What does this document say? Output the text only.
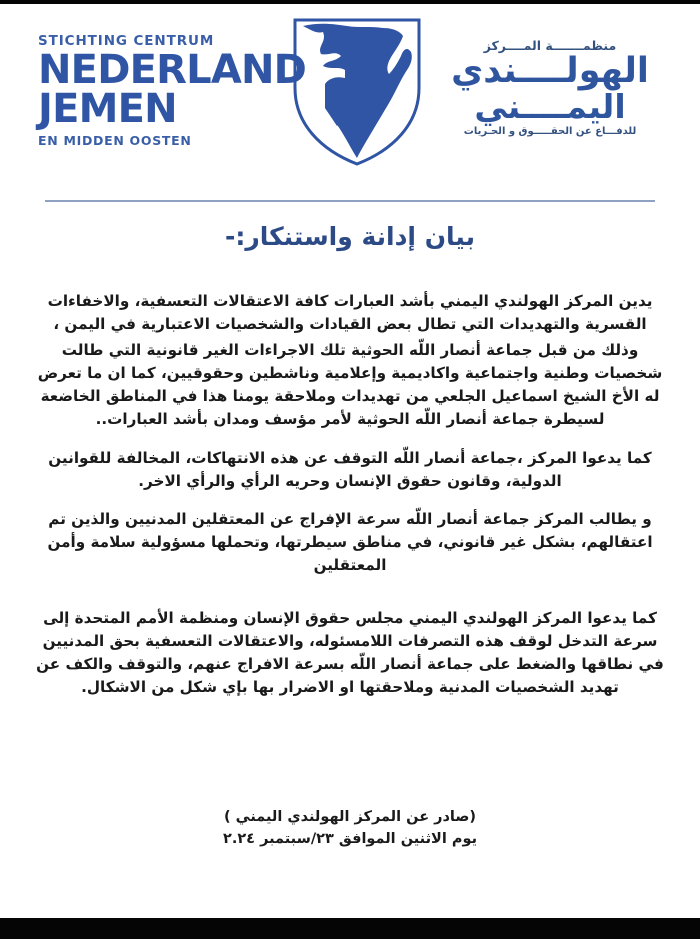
منظمـــــــة المــــركز
الهولــــندي
اليمــــني
للدفـــاع عن الحقـــــوق و الحـريات
STICHTING CENTRUM
NEDERLAND
JEMEN
EN MIDDEN OOSTEN
بيان إدانة واستنكار:-

يدين المركز الهولندي اليمني بأشد العبارات كافة الاعتقالات التعسفية، والاخفاءات القسرية والتهديدات التي تطال بعض القيادات والشخصيات الاعتبارية في اليمن ،

وذلك من قبل جماعة أنصار اللّه الحوثية تلك الاجراءات الغير قانونية التي طالت شخصيات وطنية واجتماعية واكاديمية وإعلامية وناشطين وحقوقيين، كما ان ما تعرض له الأخ الشيخ اسماعيل الجلعي من تهديدات وملاحقة يومنا هذا في المناطق الخاضعة لسيطرة جماعة أنصار اللّه الحوثية لأمر مؤسف ومدان بأشد العبارات..

كما يدعوا المركز ،جماعة أنصار اللّه التوقف عن هذه الانتهاكات، المخالفة للقوانين الدولية، وقانون حقوق الإنسان وحريه الرأي والرأي الاخر.

و يطالب المركز جماعة أنصار اللّه سرعة الإفراج عن المعتقلين المدنيين والذين تم اعتقالهم، بشكل غير قانوني، في مناطق سيطرتها، وتحملها مسؤولية سلامة وأمن المعتقلين

كما يدعوا المركز الهولندي اليمني مجلس حقوق الإنسان ومنظمة الأمم المتحدة إلى سرعة التدخل لوقف هذه التصرفات اللامسئوله، والاعتقالات التعسفية بحق المدنيين في نطاقها والضغط على جماعة أنصار اللّه بسرعة الافراج عنهم، والتوقف والكف عن تهديد الشخصيات المدنية وملاحقتها او الاضرار بها بإي شكل من الاشكال.

(صادر عن المركز الهولندي اليمني )
يوم الاثنين الموافق ٢٣/سبتمبر ٢.٢٤
